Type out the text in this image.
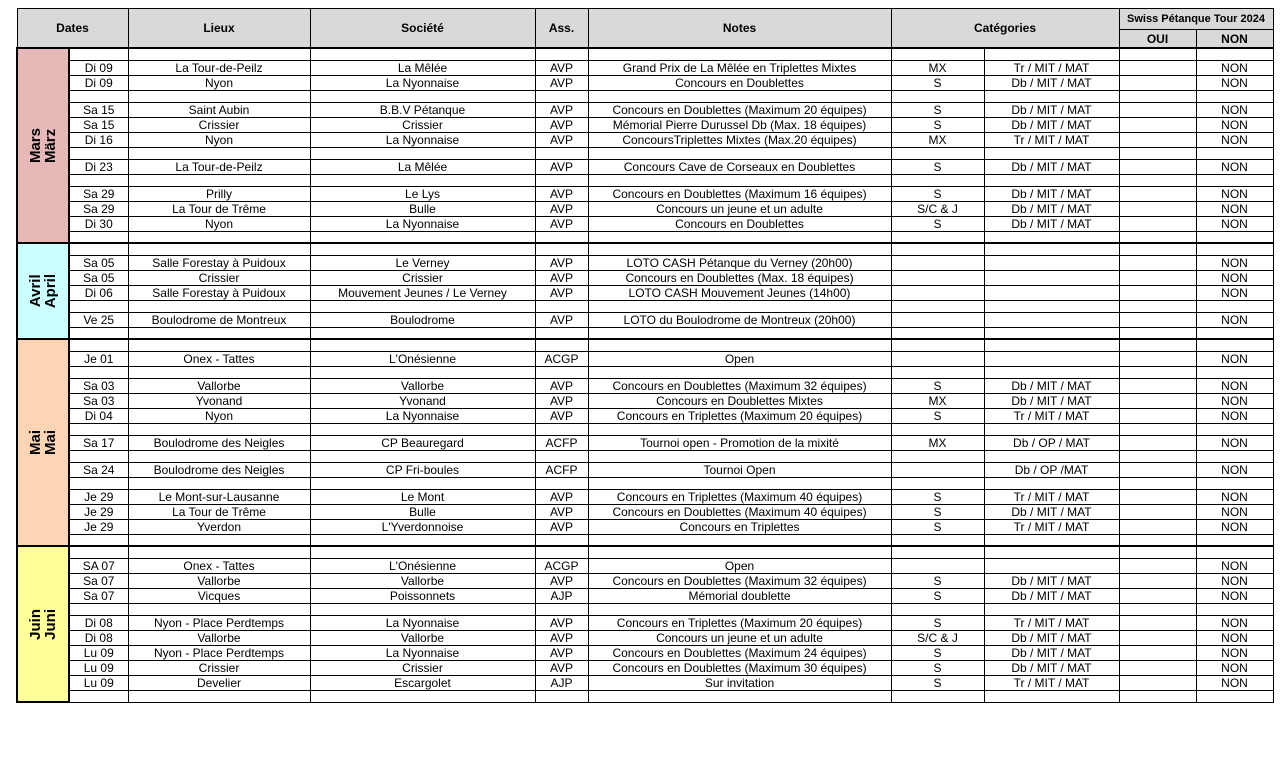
Dates		Lieux	Société	Ass.	Notes	Catégories		Swiss Pétanque Tour 2024	
								OUI	NON

Mars
März									

	Di 09	La Tour-de-Peilz	La Mêlée	AVP	Grand Prix de La Mêlée en Triplettes Mixtes	MX	Tr / MIT / MAT		NON
	Di 09	Nyon	La Nyonnaise	AVP	Concours en Doublettes	S	Db / MIT / MAT		NON

	Sa 15	Saint Aubin	B.B.V Pétanque	AVP	Concours en Doublettes (Maximum 20 équipes)	S	Db / MIT / MAT		NON
	Sa 15	Crissier	Crissier	AVP	Mémorial Pierre Durussel Db (Max. 18 équipes)	S	Db / MIT / MAT		NON
	Di 16	Nyon	La Nyonnaise	AVP	ConcoursTriplettes Mixtes (Max.20 équipes)	MX	Tr / MIT / MAT		NON

	Di 23	La Tour-de-Peilz	La Mêlée	AVP	Concours Cave de Corseaux en Doublettes	S	Db / MIT / MAT		NON

	Sa 29	Prilly	Le Lys	AVP	Concours en Doublettes (Maximum 16 équipes)	S	Db / MIT / MAT		NON
	Sa 29	La Tour de Trême	Bulle	AVP	Concours un jeune et un adulte	S/C & J	Db / MIT / MAT		NON
	Di 30	Nyon	La Nyonnaise	AVP	Concours en Doublettes	S	Db / MIT / MAT		NON

Avril
April									

	Sa 05	Salle Forestay à Puidoux	Le Verney	AVP	LOTO CASH Pétanque du Verney (20h00)				NON
	Sa 05	Crissier	Crissier	AVP	Concours en Doublettes (Max. 18 équipes)				NON
	Di 06	Salle Forestay à Puidoux	Mouvement Jeunes / Le Verney	AVP	LOTO CASH Mouvement Jeunes (14h00)				NON

	Ve 25	Boulodrome de Montreux	Boulodrome	AVP	LOTO du Boulodrome de Montreux (20h00)				NON

Mai
Mai									

	Je 01	Onex - Tattes	L'Onésienne	ACGP	Open				NON

	Sa 03	Vallorbe	Vallorbe	AVP	Concours en Doublettes (Maximum 32 équipes)	S	Db / MIT / MAT		NON
	Sa 03	Yvonand	Yvonand	AVP	Concours en Doublettes Mixtes	MX	Db / MIT / MAT		NON
	Di 04	Nyon	La Nyonnaise	AVP	Concours en Triplettes (Maximum 20 équipes)	S	Tr / MIT / MAT		NON

	Sa 17	Boulodrome des Neigles	CP Beauregard	ACFP	Tournoi open - Promotion de la mixité	MX	Db / OP / MAT		NON

	Sa 24	Boulodrome des Neigles	CP Fri-boules	ACFP	Tournoi Open		Db / OP /MAT		NON

	Je 29	Le Mont-sur-Lausanne	Le Mont	AVP	Concours en Triplettes (Maximum 40 équipes)	S	Tr / MIT / MAT		NON
	Je 29	La Tour de Trême	Bulle	AVP	Concours en Doublettes (Maximum 40 équipes)	S	Db / MIT / MAT		NON
	Je 29	Yverdon	L'Yverdonnoise	AVP	Concours en Triplettes	S	Tr / MIT / MAT		NON

Juin
Juni									

	SA 07	Onex - Tattes	L'Onésienne	ACGP	Open				NON
	Sa 07	Vallorbe	Vallorbe	AVP	Concours en Doublettes (Maximum 32 équipes)	S	Db / MIT / MAT		NON
	Sa 07	Vicques	Poissonnets	AJP	Mémorial doublette	S	Db / MIT / MAT		NON

	Di 08	Nyon - Place Perdtemps	La Nyonnaise	AVP	Concours en Triplettes (Maximum 20 équipes)	S	Tr / MIT / MAT		NON
	Di 08	Vallorbe	Vallorbe	AVP	Concours un jeune et un adulte	S/C & J	Db / MIT / MAT		NON
	Lu 09	Nyon - Place Perdtemps	La Nyonnaise	AVP	Concours en Doublettes (Maximum 24 équipes)	S	Db / MIT / MAT		NON
	Lu 09	Crissier	Crissier	AVP	Concours en Doublettes (Maximum 30 équipes)	S	Db / MIT / MAT		NON
	Lu 09	Develier	Escargolet	AJP	Sur invitation	S	Tr / MIT / MAT		NON
